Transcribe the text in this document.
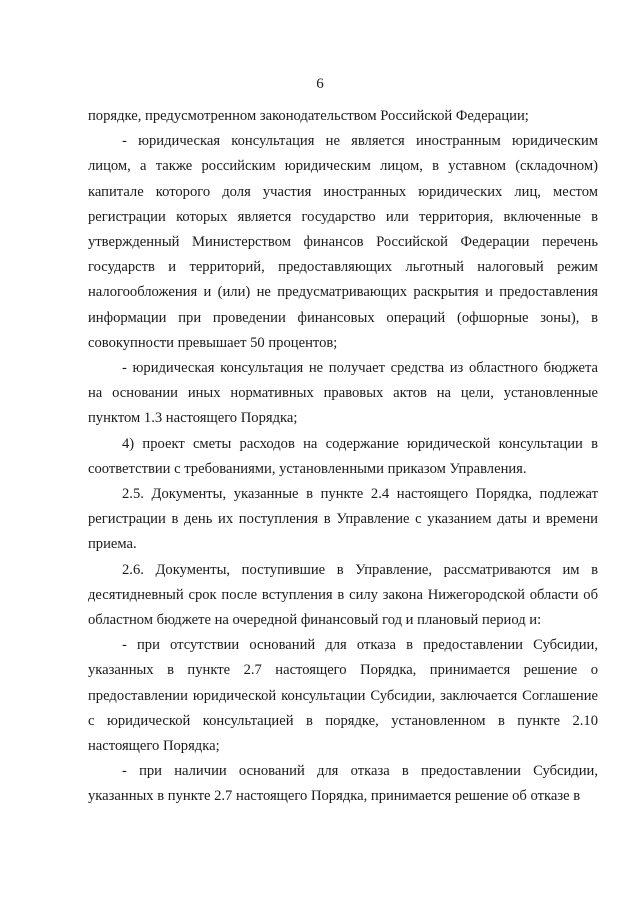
6

порядке, предусмотренном законодательством Российской Федерации;

- юридическая консультация не является иностранным юридическим лицом, а также российским юридическим лицом, в уставном (складочном) капитале которого доля участия иностранных юридических лиц, местом регистрации которых является государство или территория, включенные в утвержденный Министерством финансов Российской Федерации перечень государств и территорий, предоставляющих льготный налоговый режим налогообложения и (или) не предусматривающих раскрытия и предоставления информации при проведении финансовых операций (офшорные зоны), в совокупности превышает 50 процентов;

- юридическая консультация не получает средства из областного бюджета на основании иных нормативных правовых актов на цели, установленные пунктом 1.3 настоящего Порядка;

4) проект сметы расходов на содержание юридической консультации в соответствии с требованиями, установленными приказом Управления.

2.5. Документы, указанные в пункте 2.4 настоящего Порядка, подлежат регистрации в день их поступления в Управление с указанием даты и времени приема.

2.6. Документы, поступившие в Управление, рассматриваются им в десятидневный срок после вступления в силу закона Нижегородской области об областном бюджете на очередной финансовый год и плановый период и:

- при отсутствии оснований для отказа в предоставлении Субсидии, указанных в пункте 2.7 настоящего Порядка, принимается решение о предоставлении юридической консультации Субсидии, заключается Соглашение с юридической консультацией в порядке, установленном в пункте 2.10 настоящего Порядка;

- при наличии оснований для отказа в предоставлении Субсидии, указанных в пункте 2.7 настоящего Порядка, принимается решение об отказе в
